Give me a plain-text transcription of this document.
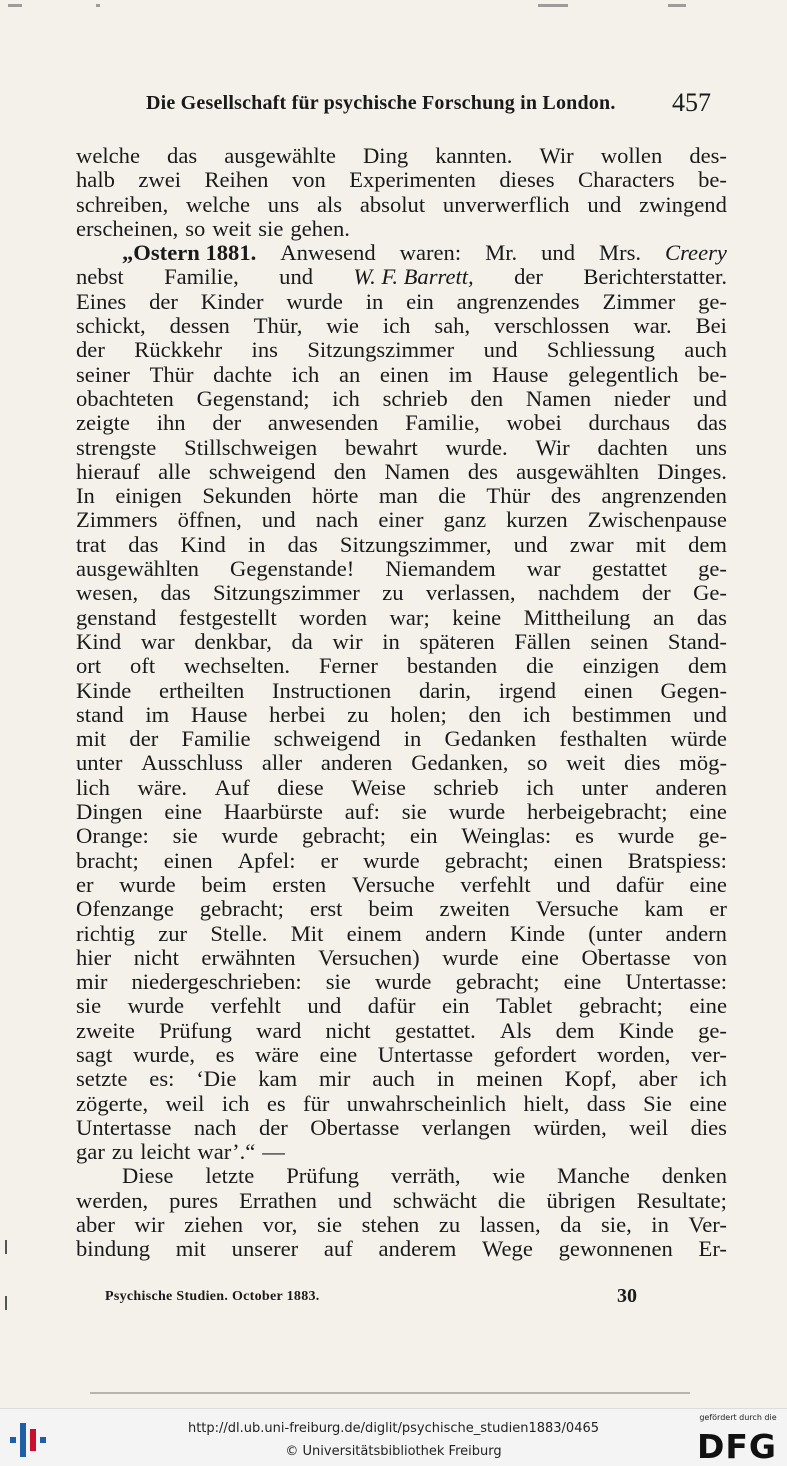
Die Gesellschaft für psychische Forschung in London. 457
welche das ausgewählte Ding kannten. Wir wollen des-
halb zwei Reihen von Experimenten dieses Characters be-
schreiben, welche uns als absolut unverwerflich und zwingend
erscheinen, so weit sie gehen.
„Ostern 1881. Anwesend waren: Mr. und Mrs. Creery
nebst Familie, und W. F. Barrett, der Berichterstatter.
Eines der Kinder wurde in ein angrenzendes Zimmer ge-
schickt, dessen Thür, wie ich sah, verschlossen war. Bei
der Rückkehr ins Sitzungszimmer und Schliessung auch
seiner Thür dachte ich an einen im Hause gelegentlich be-
obachteten Gegenstand; ich schrieb den Namen nieder und
zeigte ihn der anwesenden Familie, wobei durchaus das
strengste Stillschweigen bewahrt wurde. Wir dachten uns
hierauf alle schweigend den Namen des ausgewählten Dinges.
In einigen Sekunden hörte man die Thür des angrenzenden
Zimmers öffnen, und nach einer ganz kurzen Zwischenpause
trat das Kind in das Sitzungszimmer, und zwar mit dem
ausgewählten Gegenstande! Niemandem war gestattet ge-
wesen, das Sitzungszimmer zu verlassen, nachdem der Ge-
genstand festgestellt worden war; keine Mittheilung an das
Kind war denkbar, da wir in späteren Fällen seinen Stand-
ort oft wechselten. Ferner bestanden die einzigen dem
Kinde ertheilten Instructionen darin, irgend einen Gegen-
stand im Hause herbei zu holen; den ich bestimmen und
mit der Familie schweigend in Gedanken festhalten würde
unter Ausschluss aller anderen Gedanken, so weit dies mög-
lich wäre. Auf diese Weise schrieb ich unter anderen
Dingen eine Haarbürste auf: sie wurde herbeigebracht; eine
Orange: sie wurde gebracht; ein Weinglas: es wurde ge-
bracht; einen Apfel: er wurde gebracht; einen Bratspiess:
er wurde beim ersten Versuche verfehlt und dafür eine
Ofenzange gebracht; erst beim zweiten Versuche kam er
richtig zur Stelle. Mit einem andern Kinde (unter andern
hier nicht erwähnten Versuchen) wurde eine Obertasse von
mir niedergeschrieben: sie wurde gebracht; eine Untertasse:
sie wurde verfehlt und dafür ein Tablet gebracht; eine
zweite Prüfung ward nicht gestattet. Als dem Kinde ge-
sagt wurde, es wäre eine Untertasse gefordert worden, ver-
setzte es: ‘Die kam mir auch in meinen Kopf, aber ich
zögerte, weil ich es für unwahrscheinlich hielt, dass Sie eine
Untertasse nach der Obertasse verlangen würden, weil dies
gar zu leicht war’.“ —
Diese letzte Prüfung verräth, wie Manche denken
werden, pures Errathen und schwächt die übrigen Resultate;
aber wir ziehen vor, sie stehen zu lassen, da sie, in Ver-
bindung mit unserer auf anderem Wege gewonnenen Er-
Psychische Studien. October 1883.	30
http://dl.ub.uni-freiburg.de/diglit/psychische_studien1883/0465
© Universitätsbibliothek Freiburg
gefördert durch die
DFG
